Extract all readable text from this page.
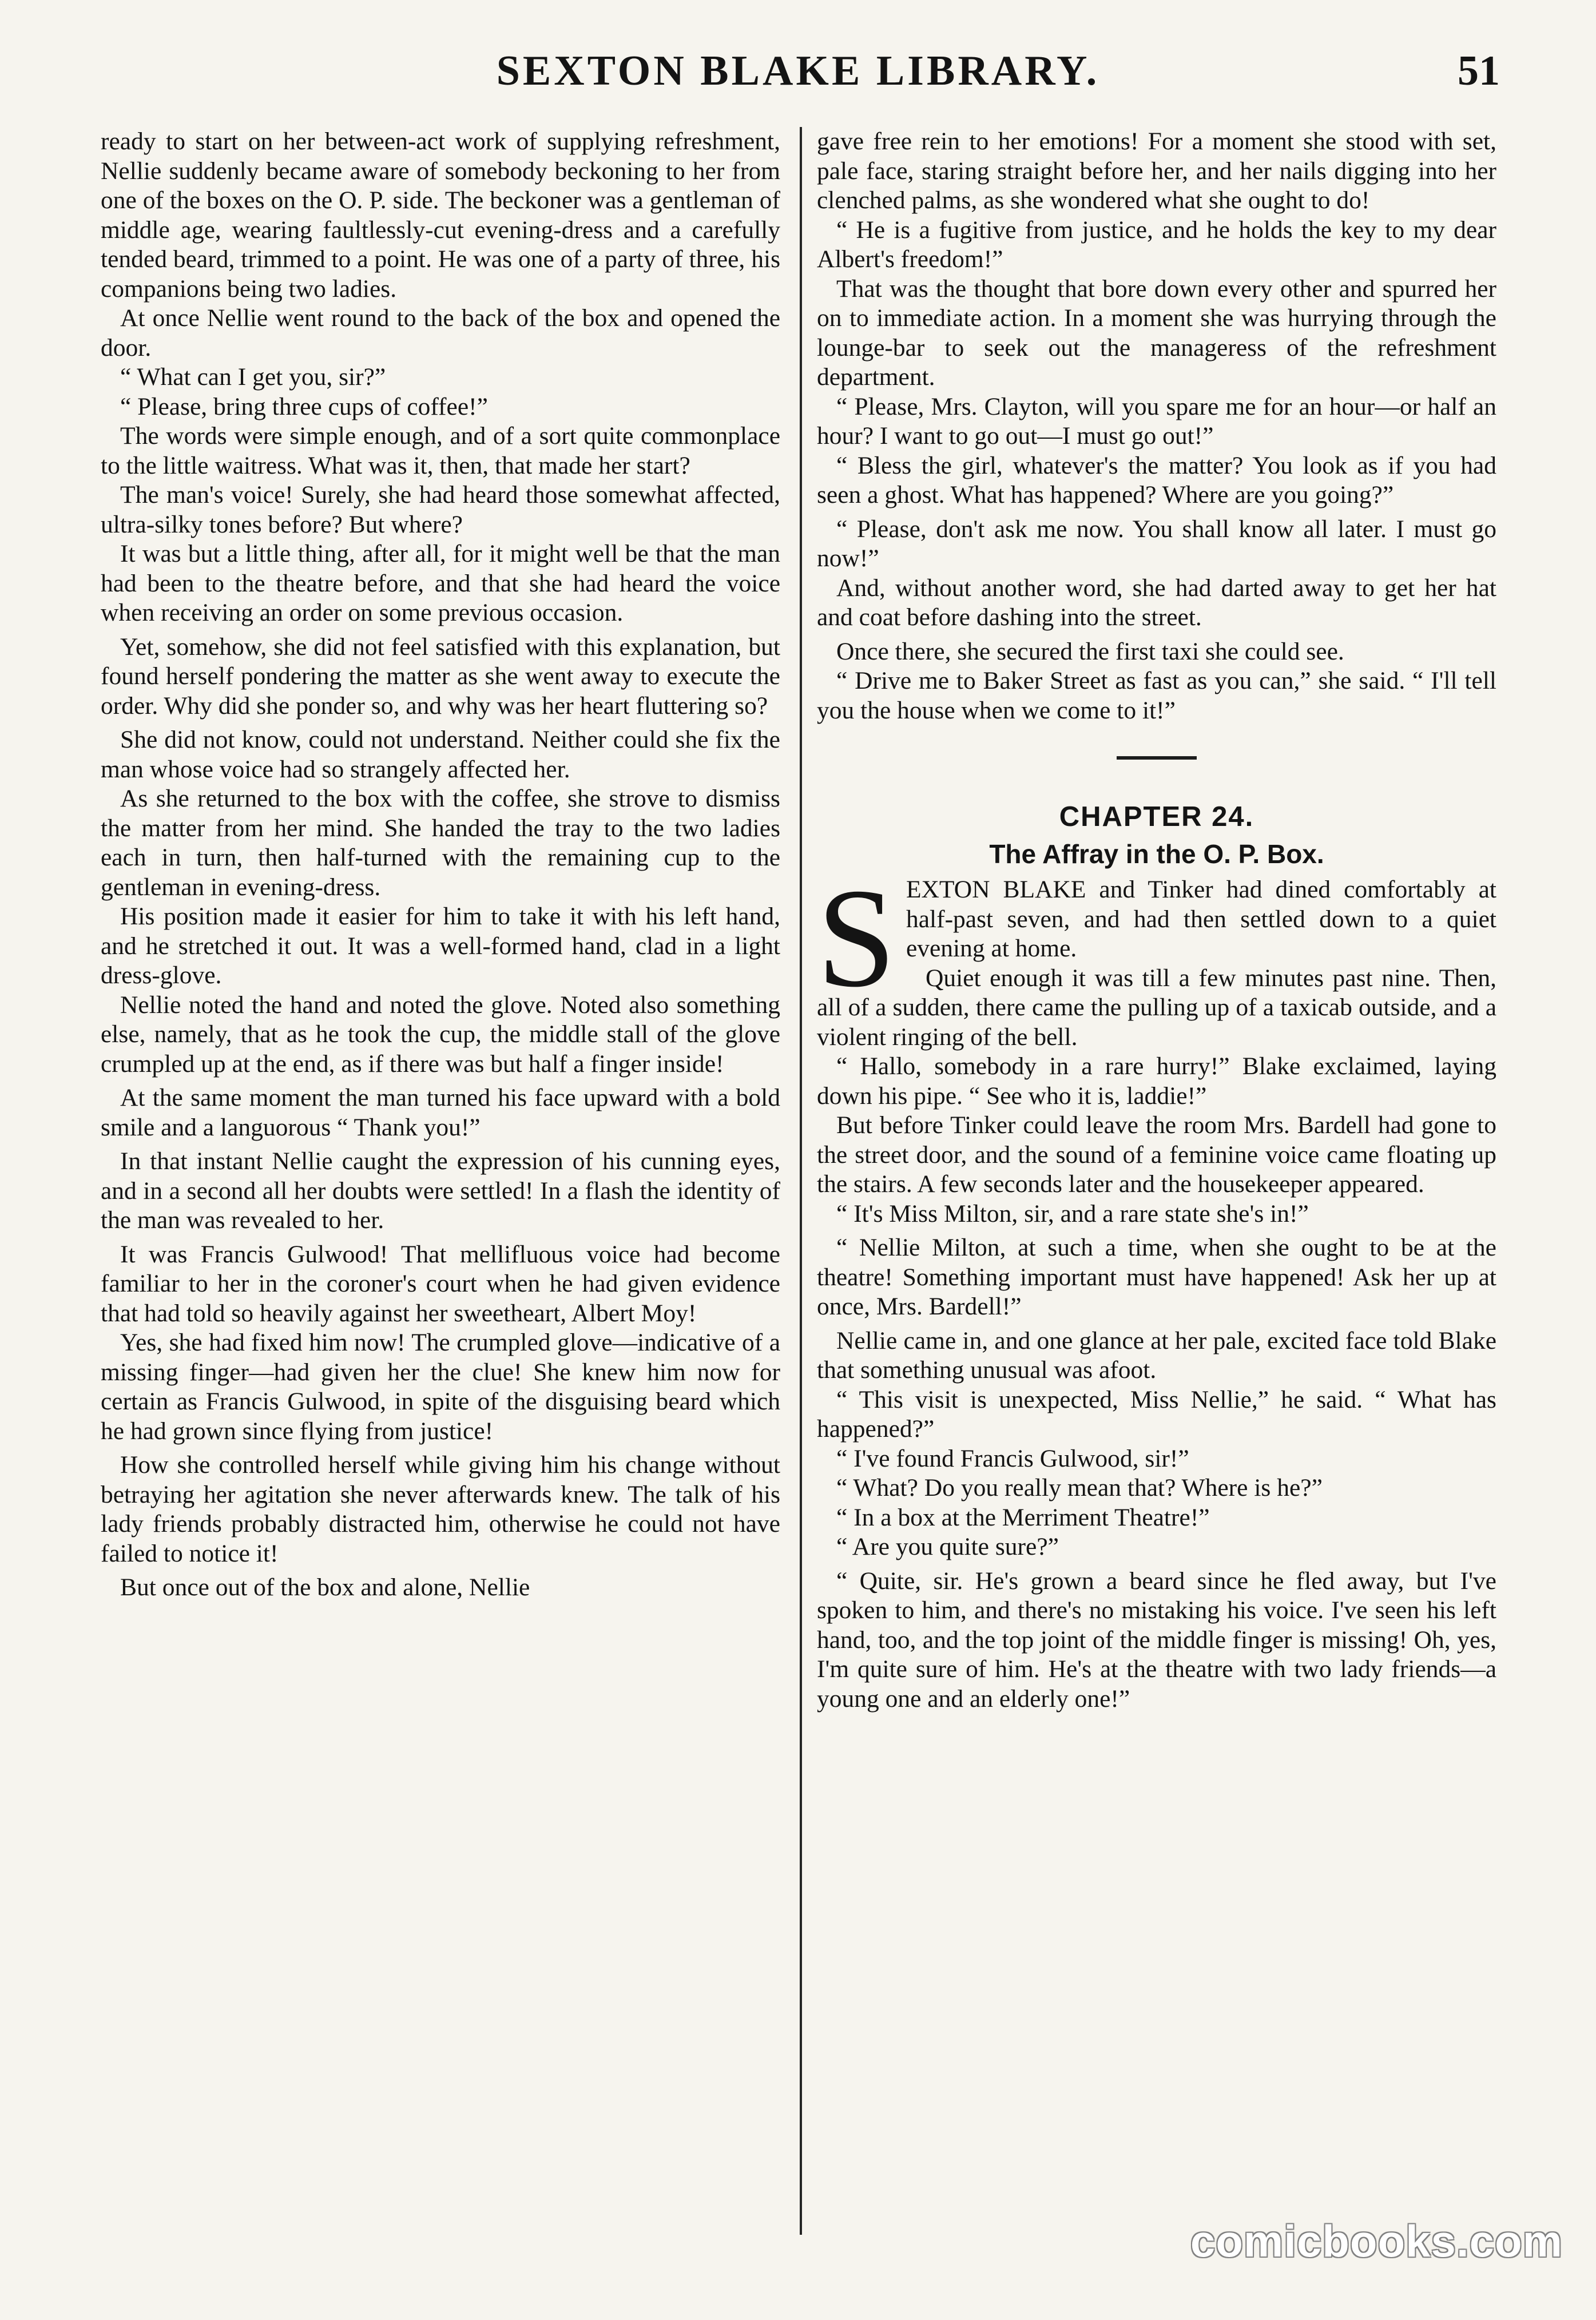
SEXTON BLAKE LIBRARY.	51

ready to start on her between-act work of supplying refreshment, Nellie suddenly became aware of somebody beckoning to her from one of the boxes on the O. P. side. The beckoner was a gentleman of middle age, wearing faultlessly-cut evening-dress and a carefully tended beard, trimmed to a point. He was one of a party of three, his companions being two ladies.

At once Nellie went round to the back of the box and opened the door.

“ What can I get you, sir?”

“ Please, bring three cups of coffee!”

The words were simple enough, and of a sort quite commonplace to the little waitress. What was it, then, that made her start?

The man's voice! Surely, she had heard those somewhat affected, ultra-silky tones before? But where?

It was but a little thing, after all, for it might well be that the man had been to the theatre before, and that she had heard the voice when receiving an order on some previous occasion.

Yet, somehow, she did not feel satisfied with this explanation, but found herself pondering the matter as she went away to execute the order. Why did she ponder so, and why was her heart fluttering so?

She did not know, could not understand. Neither could she fix the man whose voice had so strangely affected her.

As she returned to the box with the coffee, she strove to dismiss the matter from her mind. She handed the tray to the two ladies each in turn, then half-turned with the remaining cup to the gentleman in evening-dress.

His position made it easier for him to take it with his left hand, and he stretched it out. It was a well-formed hand, clad in a light dress-glove.

Nellie noted the hand and noted the glove. Noted also something else, namely, that as he took the cup, the middle stall of the glove crumpled up at the end, as if there was but half a finger inside!

At the same moment the man turned his face upward with a bold smile and a languorous “ Thank you!”

In that instant Nellie caught the expression of his cunning eyes, and in a second all her doubts were settled! In a flash the identity of the man was revealed to her.

It was Francis Gulwood! That mellifluous voice had become familiar to her in the coroner's court when he had given evidence that had told so heavily against her sweetheart, Albert Moy!

Yes, she had fixed him now! The crumpled glove—indicative of a missing finger—had given her the clue! She knew him now for certain as Francis Gulwood, in spite of the disguising beard which he had grown since flying from justice!

How she controlled herself while giving him his change without betraying her agitation she never afterwards knew. The talk of his lady friends probably distracted him, otherwise he could not have failed to notice it!

But once out of the box and alone, Nellie

gave free rein to her emotions! For a moment she stood with set, pale face, staring straight before her, and her nails digging into her clenched palms, as she wondered what she ought to do!

“ He is a fugitive from justice, and he holds the key to my dear Albert's freedom!”

That was the thought that bore down every other and spurred her on to immediate action. In a moment she was hurrying through the lounge-bar to seek out the manageress of the refreshment department.

“ Please, Mrs. Clayton, will you spare me for an hour—or half an hour? I want to go out—I must go out!”

“ Bless the girl, whatever's the matter? You look as if you had seen a ghost. What has happened? Where are you going?”

“ Please, don't ask me now. You shall know all later. I must go now!”

And, without another word, she had darted away to get her hat and coat before dashing into the street.

Once there, she secured the first taxi she could see.

“ Drive me to Baker Street as fast as you can,” she said. “ I'll tell you the house when we come to it!”

CHAPTER 24.
The Affray in the O. P. Box.

SEXTON BLAKE and Tinker had dined comfortably at half-past seven, and had then settled down to a quiet evening at home.

Quiet enough it was till a few minutes past nine. Then, all of a sudden, there came the pulling up of a taxicab outside, and a violent ringing of the bell.

“ Hallo, somebody in a rare hurry!” Blake exclaimed, laying down his pipe. “ See who it is, laddie!”

But before Tinker could leave the room Mrs. Bardell had gone to the street door, and the sound of a feminine voice came floating up the stairs. A few seconds later and the housekeeper appeared.

“ It's Miss Milton, sir, and a rare state she's in!”

“ Nellie Milton, at such a time, when she ought to be at the theatre! Something important must have happened! Ask her up at once, Mrs. Bardell!”

Nellie came in, and one glance at her pale, excited face told Blake that something unusual was afoot.

“ This visit is unexpected, Miss Nellie,” he said. “ What has happened?”

“ I've found Francis Gulwood, sir!”

“ What? Do you really mean that? Where is he?”

“ In a box at the Merriment Theatre!”

“ Are you quite sure?”

“ Quite, sir. He's grown a beard since he fled away, but I've spoken to him, and there's no mistaking his voice. I've seen his left hand, too, and the top joint of the middle finger is missing! Oh, yes, I'm quite sure of him. He's at the theatre with two lady friends—a young one and an elderly one!”

comicbooks.com
